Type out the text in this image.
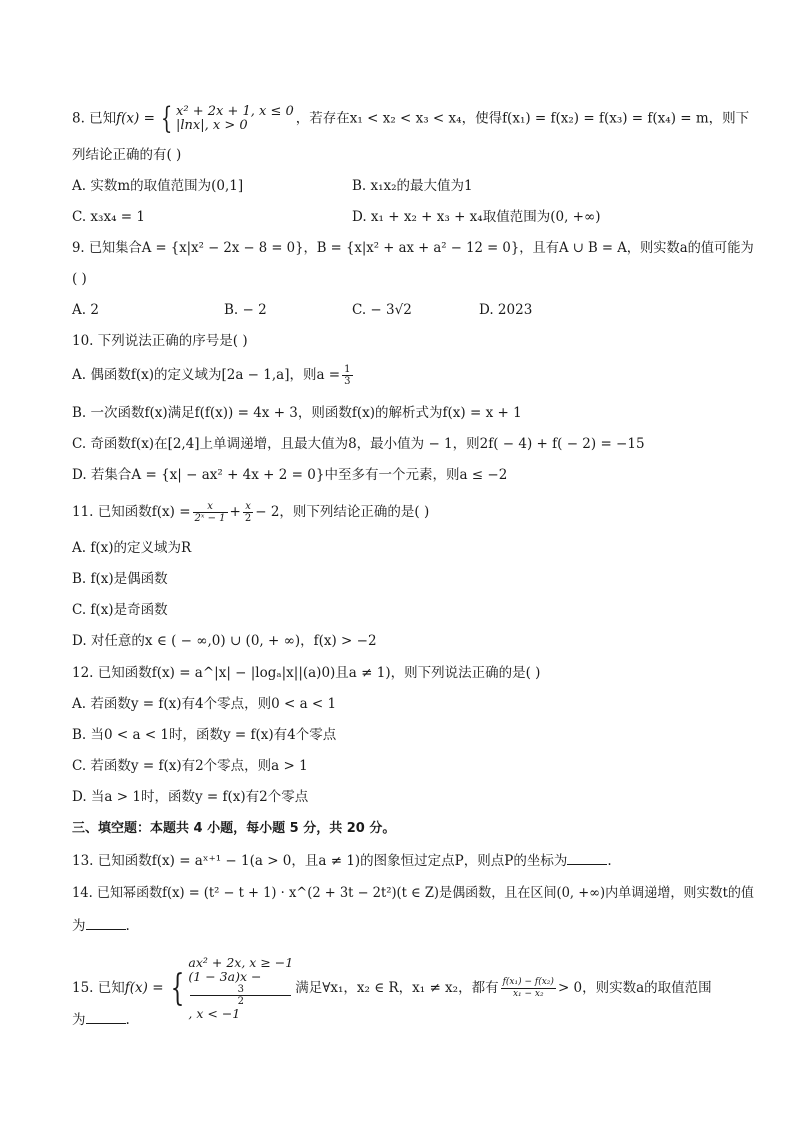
8. 已知f(x) = { x² + 2x + 1, x ≤ 0
|lnx|, x > 0	，若存在x₁ < x₂ < x₃ < x₄，使得f(x₁) = f(x₂) = f(x₃) = f(x₄) = m，则下
列结论正确的有( )
A. 实数m的取值范围为(0,1]	B. x₁x₂的最大值为1
C. x₃x₄ = 1	D. x₁ + x₂ + x₃ + x₄取值范围为(0, +∞)
9. 已知集合A = {x|x² − 2x − 8 = 0}，B = {x|x² + ax + a² − 12 = 0}，且有A ∪ B = A，则实数a的值可能为
( )
A. 2	B. − 2	C. − 3√2	D. 2023
10. 下列说法正确的序号是( )
A. 偶函数f(x)的定义域为[2a − 1,a]，则$a = \frac{1}{3}$
B. 一次函数f(x)满足f(f(x)) = 4x + 3，则函数f(x)的解析式为f(x) = x + 1
C. 奇函数f(x)在[2,4]上单调递增，且最大值为8，最小值为 − 1，则2f( − 4) + f( − 2) = −15
D. 若集合A = {x| − ax² + 4x + 2 = 0}中至多有一个元素，则a ≤ −2
11. 已知函数$f(x) = \frac{x}{\text{2ˣ − 1}} + \frac{x}{2} - 2$，则下列结论正确的是( )
A. f(x)的定义域为R
B. f(x)是偶函数
C. f(x)是奇函数
D. 对任意的x ∈ ( − ∞,0) ∪ (0, + ∞)，f(x) > −2
12. 已知函数f(x) = a^|x| − |logₐ|x||(a)0)且a ≠ 1)，则下列说法正确的是( )
A. 若函数y = f(x)有4个零点，则0 < a < 1
B. 当0 < a < 1时，函数y = f(x)有4个零点
C. 若函数y = f(x)有2个零点，则a > 1
D. 当a > 1时，函数y = f(x)有2个零点
三、填空题：本题共 4 小题，每小题 5 分，共 20 分。
13. 已知函数f(x) = aˣ⁺¹ − 1(a > 0，且a ≠ 1)的图象恒过定点P，则点P的坐标为	.
14. 已知幂函数f(x) = (t² − t + 1) · x^(2 + 3t − 2t²)(t ∈ Z)是偶函数，且在区间(0, +∞)内单调递增，则实数t的值
为	.
15. 已知f(x) = {
ax² + 2x, x ≥ −1
(1 − 3a)x −
3
2
, x < −1
满足∀x₁，x₂ ∈ R，x₁ ≠ x₂，都有 $\frac{\text{f(x₁) − f(x₂)}}{\text{x₁ − x₂}} > 0$，则实数a的取值范围
为	.
